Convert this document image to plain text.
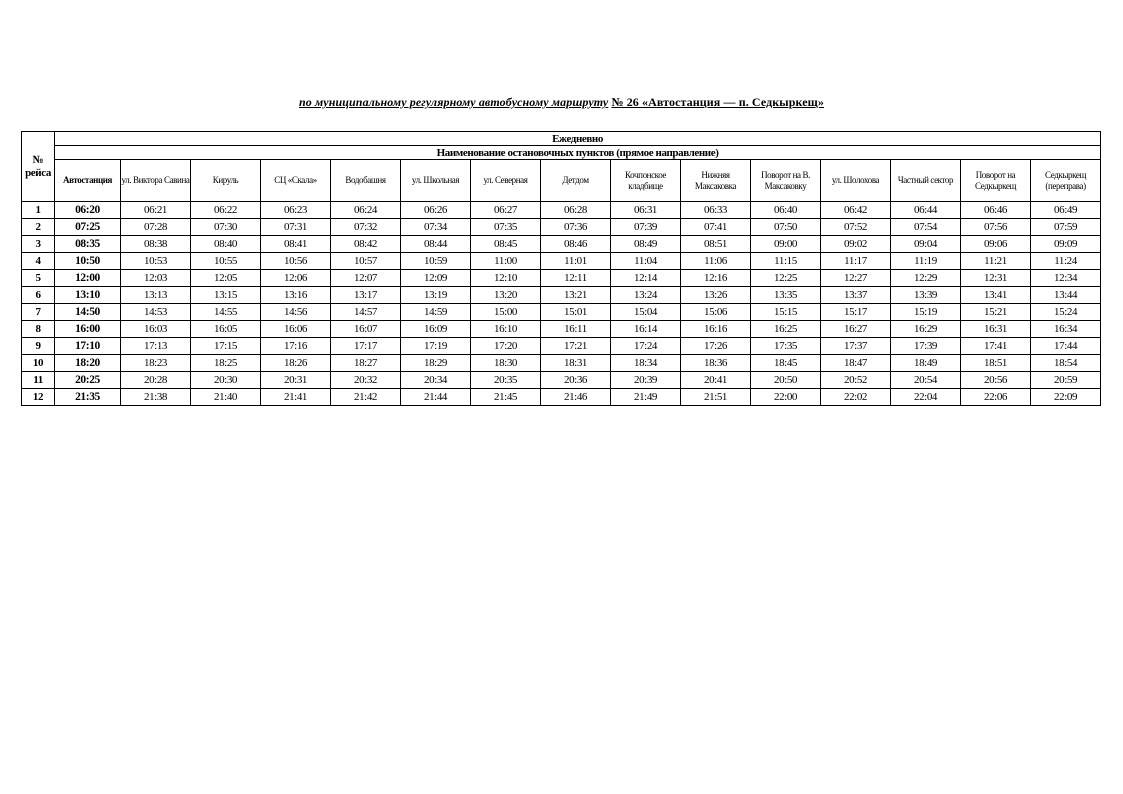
по муниципальному регулярному автобусному маршруту № 26 «Автостанция — п. Седкыркещ»
№ рейса	Ежедневно														
	Наименование остановочных пунктов (прямое направление)														
	Автостанция	ул. Виктора Савина	Кируль	СЦ «Скала»	Водобашня	ул. Школьная	ул. Северная	Детдом	Кочпонское кладбище	Нижняя Максаковка	Поворот на В. Максаковку	ул. Шолохова	Частный сектор	Поворот на Седкыркещ	Седкыркещ (переправа)
1	06:20	06:21	06:22	06:23	06:24	06:26	06:27	06:28	06:31	06:33	06:40	06:42	06:44	06:46	06:49
2	07:25	07:28	07:30	07:31	07:32	07:34	07:35	07:36	07:39	07:41	07:50	07:52	07:54	07:56	07:59
3	08:35	08:38	08:40	08:41	08:42	08:44	08:45	08:46	08:49	08:51	09:00	09:02	09:04	09:06	09:09
4	10:50	10:53	10:55	10:56	10:57	10:59	11:00	11:01	11:04	11:06	11:15	11:17	11:19	11:21	11:24
5	12:00	12:03	12:05	12:06	12:07	12:09	12:10	12:11	12:14	12:16	12:25	12:27	12:29	12:31	12:34
6	13:10	13:13	13:15	13:16	13:17	13:19	13:20	13:21	13:24	13:26	13:35	13:37	13:39	13:41	13:44
7	14:50	14:53	14:55	14:56	14:57	14:59	15:00	15:01	15:04	15:06	15:15	15:17	15:19	15:21	15:24
8	16:00	16:03	16:05	16:06	16:07	16:09	16:10	16:11	16:14	16:16	16:25	16:27	16:29	16:31	16:34
9	17:10	17:13	17:15	17:16	17:17	17:19	17:20	17:21	17:24	17:26	17:35	17:37	17:39	17:41	17:44
10	18:20	18:23	18:25	18:26	18:27	18:29	18:30	18:31	18:34	18:36	18:45	18:47	18:49	18:51	18:54
11	20:25	20:28	20:30	20:31	20:32	20:34	20:35	20:36	20:39	20:41	20:50	20:52	20:54	20:56	20:59
12	21:35	21:38	21:40	21:41	21:42	21:44	21:45	21:46	21:49	21:51	22:00	22:02	22:04	22:06	22:09
